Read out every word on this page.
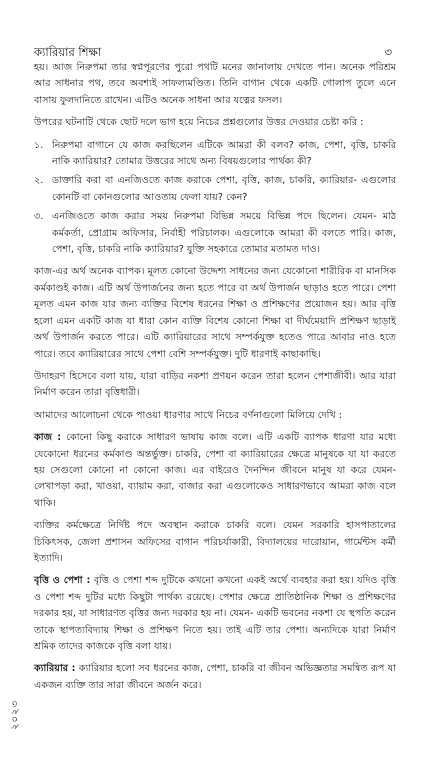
ক্যারিয়ার শিক্ষা	৩

হয়। আজ নিরুপমা তার স্বপ্নপূরণের পুরো পথটি মনের জানালায় দেখতে পান। অনেক পরিশ্রম আর সাধনার পথ, তবে অবশ্যই সাফল্যমণ্ডিত। তিনি বাগান থেকে একটি গোলাপ তুলে এনে বাসায় ফুলদানিতে রাখেন। এটিও অনেক সাধনা আর যত্নের ফসল।

উপরের ঘটনাটি থেকে ছোট দলে ভাগ হয়ে নিচের প্রশ্নগুলোর উত্তর দেওয়ার চেষ্টা করি :

১. নিরুপমা বাগানে যে কাজ করছিলেন এটিকে আমরা কী বলব? কাজ, পেশা, বৃত্তি, চাকরি নাকি ক্যারিয়ার? তোমার উত্তরের সাথে অন্য বিষয়গুলোর পার্থক্য কী?
২. ডাক্তারি করা বা এনজিওতে কাজ করাকে পেশা, বৃত্তি, কাজ, চাকরি, ক্যারিয়ার- এগুলোর কোনটি বা কোনগুলোর আওতায় ফেলা যায়? কেন?
৩. এনজিওতে কাজ করার সময় নিরুপমা বিভিন্ন সময়ে বিভিন্ন পদে ছিলেন। যেমন- মাঠ কর্মকর্তা, প্রোগ্রাম অফিসার, নির্বাহী পরিচালক। এগুলোকে আমরা কী বলতে পারি। কাজ, পেশা, বৃত্তি, চাকরি নাকি ক্যারিয়ার? যুক্তি সহকারে তোমার মতামত দাও।

কাজ-এর অর্থ অনেক ব্যাপক। মূলত কোনো উদ্দেশ্য সাধনের জন্য যেকোনো শারীরিক বা মানসিক কর্মকাণ্ডই কাজ। এটি অর্থ উপার্জনের জন্য হতে পারে বা অর্থ উপার্জন ছাড়াও হতে পারে। পেশা মূলত এমন কাজ যার জন্য ব্যক্তির বিশেষ ধরনের শিক্ষা ও প্রশিক্ষণের প্রয়োজন হয়। আর বৃত্তি হলো এমন একটি কাজ যা ধারা কোন ব্যক্তি বিশেষ কোনো শিক্ষা বা দীর্ঘমেয়াদি প্রশিক্ষণ ছাড়াই অর্থ উপার্জন করতে পারে। এটি ক্যারিয়ারের সাথে সম্পর্কযুক্ত হতেও পারে আবার নাও হতে পারে। তবে ক্যারিয়ারের সাথে পেশা বেশি সম্পর্কযুক্ত। দুটি ধারণাই কাছাকাছি।

উদাহরণ হিসেবে বলা যায়, যারা বাড়ির নকশা প্রণয়ন করেন তারা হলেন পেশাজীবী। আর যারা নির্মাণ করেন তারা বৃত্তিধারী।

আমাদের আলোচনা থেকে পাওয়া ধারণার সাথে নিচের বর্ণনাগুলো মিলিয়ে দেখি :

কাজ : কোনো কিছু করাকে সাধারণ ভাষায় কাজ বলে। এটি একটি ব্যাপক ধারণা যার মধ্যে যেকোনো ধরনের কর্মকাণ্ড অন্তর্ভুক্ত। চাকরি, পেশা বা ক্যারিয়ারের ক্ষেত্রে মানুষকে যা যা করতে হয় সেগুলো কোনো না কোনো কাজ। এর বাইরেও দৈনন্দিন জীবনে মানুষ যা করে যেমন- লেখাপড়া করা, খাওয়া, ব্যায়াম করা, বাজার করা এগুলোকেও সাধারণভাবে আমরা কাজ বলে থাকি।

ব্যক্তির কর্মক্ষেত্রে নির্দিষ্ট পদে অবস্থান করাকে চাকরি বলে। যেমন সরকারি হাসপাতালের চিকিৎসক, জেলা প্রশাসন অফিসের বাগান পরিচর্যাকারী, বিদ্যালয়ের দারোয়ান, গার্মেন্টস কর্মী ইত্যাদি।

বৃত্তি ও পেশা : বৃত্তি ও পেশা শব্দ দুটিকে কখনো কখনো একই অর্থে ব্যবহার করা হয়। যদিও বৃত্তি ও পেশা শব্দ দুটির মধ্যে কিছুটা পার্থক্য রয়েছে। পেশার ক্ষেত্রে প্রাতিষ্ঠানিক শিক্ষা ও প্রশিক্ষণের দরকার হয়, যা সাধারণত বৃত্তির জন্য দরকার হয় না। যেমন- একটি ভবনের নকশা যে স্থপতি করেন তাকে স্থাপত্যবিদ্যায় শিক্ষা ও প্রশিক্ষণ নিতে হয়। তাই এটি তার পেশা। অন্যদিকে যারা নির্মাণ শ্রমিক তাদের কাজকে বৃত্তি বলা যায়।

ক্যারিয়ার : ক্যারিয়ার হলো সব ধরনের কাজ, পেশা, চাকরি বা জীবন অভিজ্ঞতার সমন্বিত রূপ যা একজন ব্যক্তি তার সারা জীবনে অর্জন করে।

২০২৩
